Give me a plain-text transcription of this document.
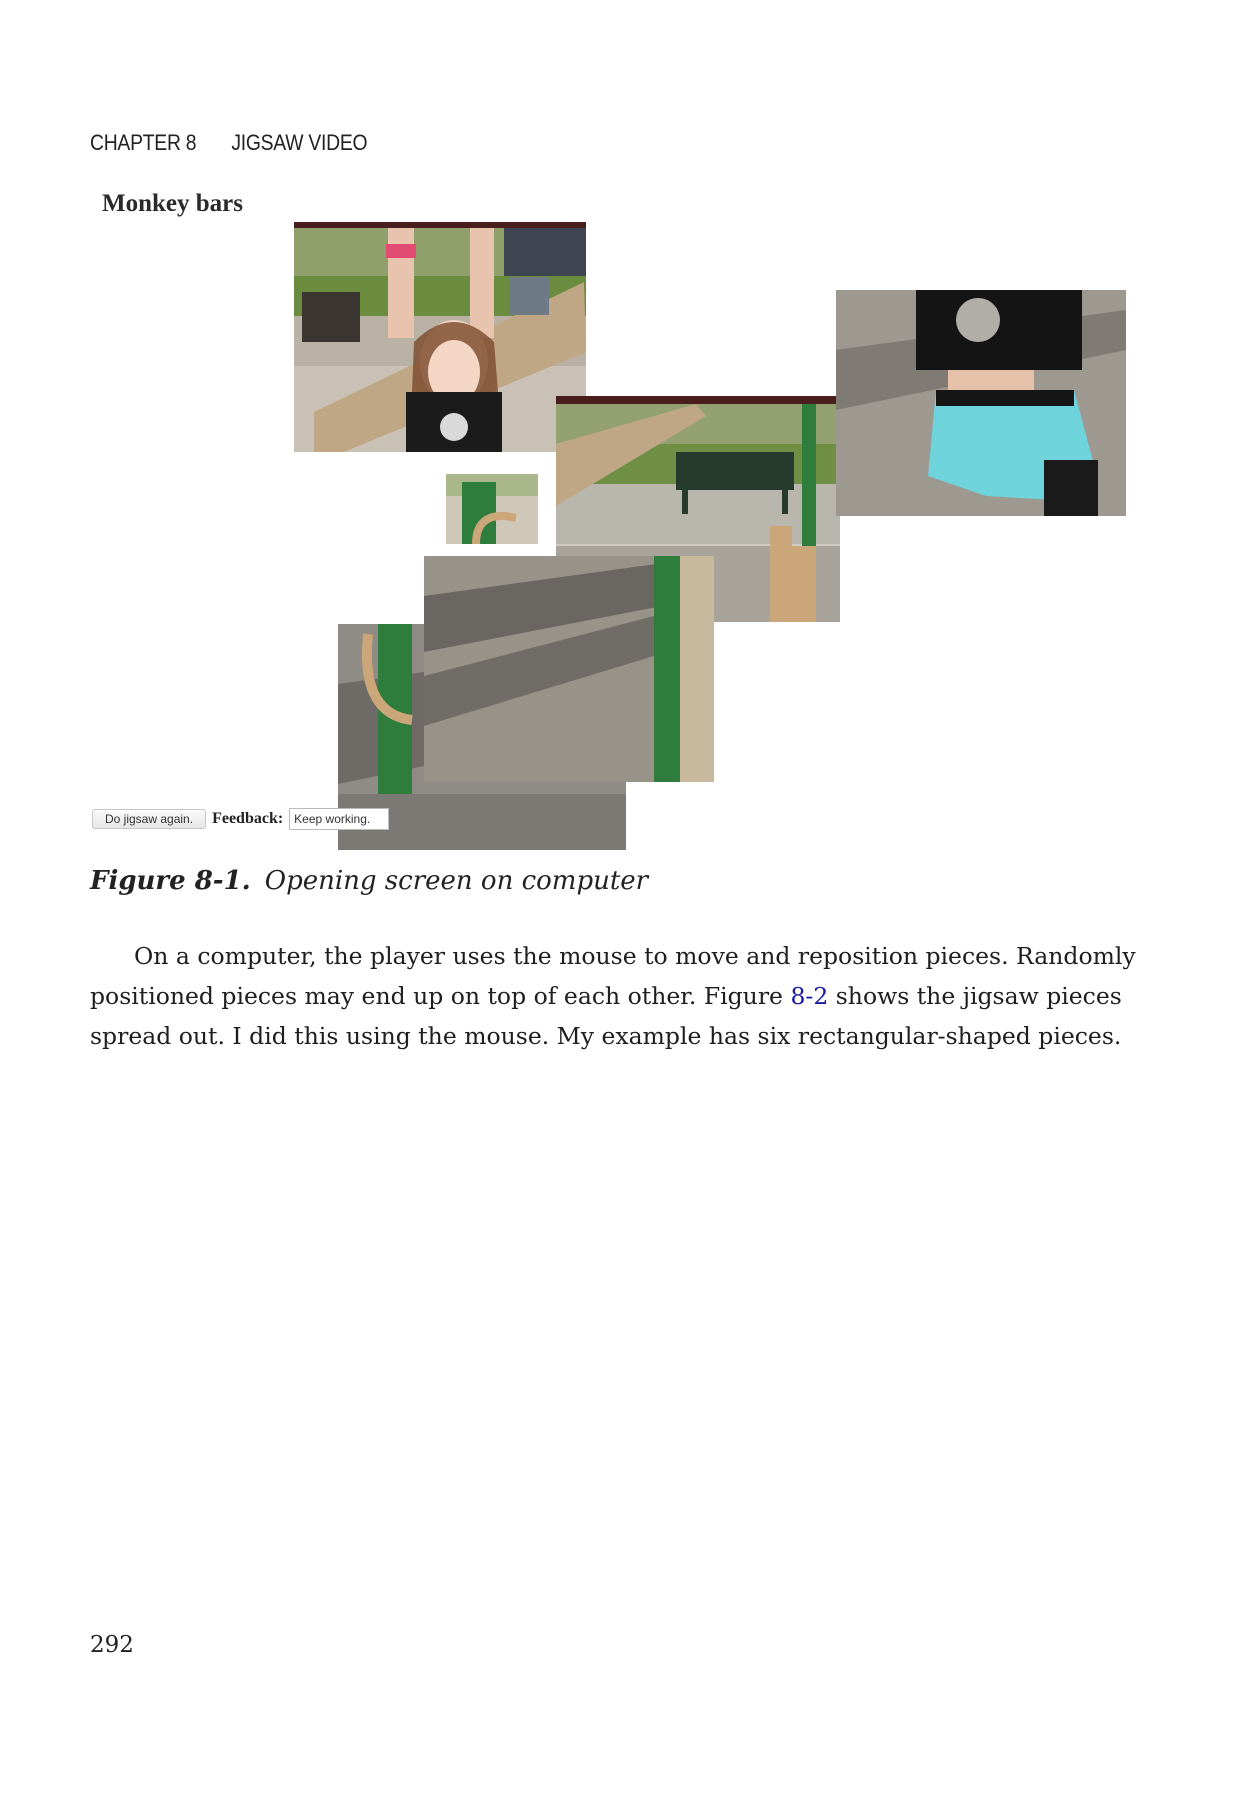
CHAPTER 8 JIGSAW VIDEO
Monkey bars
Do jigsaw again.	Feedback: Keep working.
Figure 8-1. Opening screen on computer
On a computer, the player uses the mouse to move and reposition pieces. Randomly positioned pieces may end up on top of each other. Figure 8-2 shows the jigsaw pieces spread out. I did this using the mouse. My example has six rectangular-shaped pieces.
292
